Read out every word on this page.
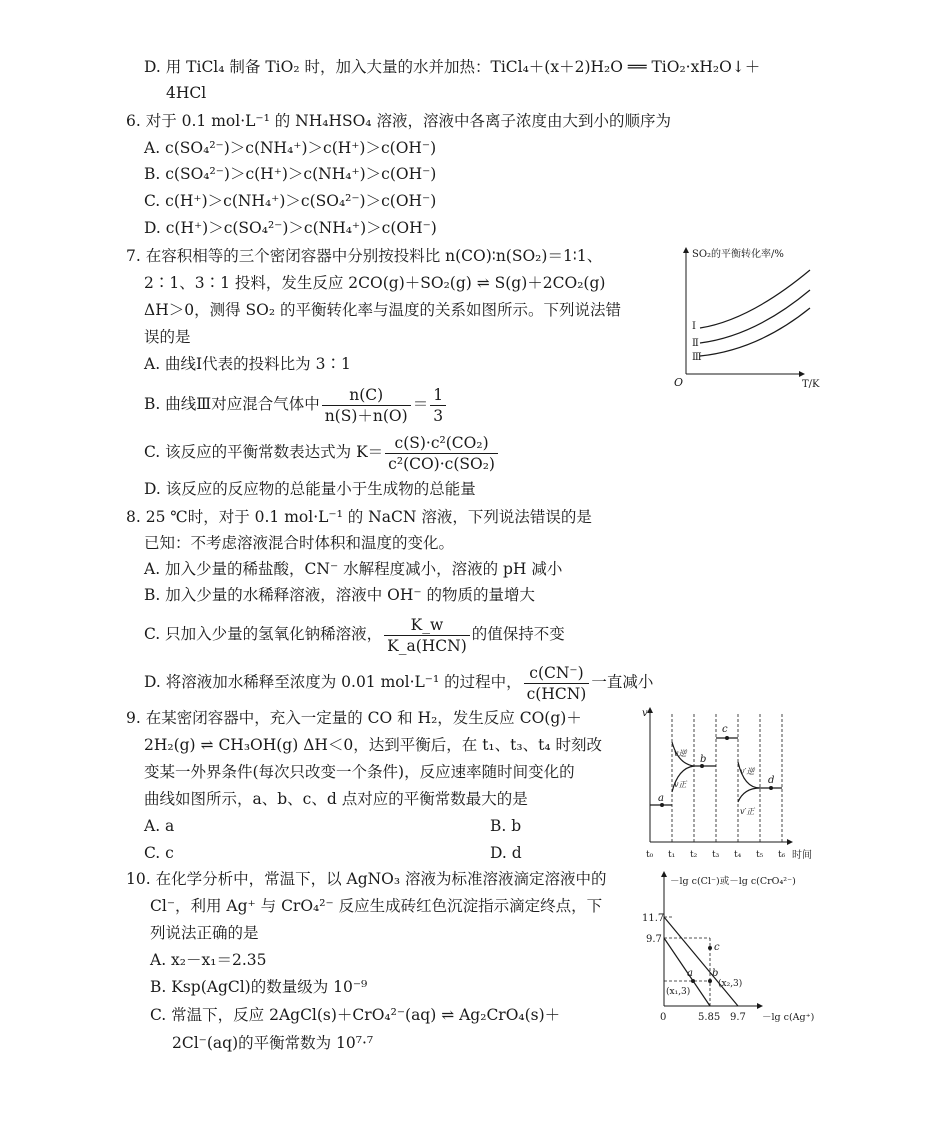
D. 用 TiCl₄ 制备 TiO₂ 时，加入大量的水并加热：TiCl₄＋(x＋2)H₂O ══ TiO₂·xH₂O↓＋
4HCl
6. 对于 0.1 mol·L⁻¹ 的 NH₄HSO₄ 溶液，溶液中各离子浓度由大到小的顺序为
A. c(SO₄²⁻)＞c(NH₄⁺)＞c(H⁺)＞c(OH⁻)
B. c(SO₄²⁻)＞c(H⁺)＞c(NH₄⁺)＞c(OH⁻)
C. c(H⁺)＞c(NH₄⁺)＞c(SO₄²⁻)＞c(OH⁻)
D. c(H⁺)＞c(SO₄²⁻)＞c(NH₄⁺)＞c(OH⁻)
7. 在容积相等的三个密闭容器中分别按投料比 n(CO)∶n(SO₂)＝1∶1、
2∶1、3∶1 投料，发生反应 2CO(g)＋SO₂(g) ⇌ S(g)＋2CO₂(g)
ΔH＞0，测得 SO₂ 的平衡转化率与温度的关系如图所示。下列说法错
误的是
A. 曲线Ⅰ代表的投料比为 3∶1
B. 曲线Ⅲ对应混合气体中 $\frac{n(C)}{n(S)+n(O)} = \frac{1}{3}$
C. 该反应的平衡常数表达式为 $K= \frac{\text{c(S)·c²(CO₂)}}{\text{c²(CO)·c(SO₂)}}$
D. 该反应的反应物的总能量小于生成物的总能量
SO₂的平衡转化率/%
T/K
O
Ⅰ
Ⅱ
Ⅲ
8. 25 ℃时，对于 0.1 mol·L⁻¹ 的 NaCN 溶液，下列说法错误的是
已知：不考虑溶液混合时体积和温度的变化。
A. 加入少量的稀盐酸，CN⁻ 水解程度减小，溶液的 pH 减小
B. 加入少量的水稀释溶液，溶液中 OH⁻ 的物质的量增大
C. 只加入少量的氢氧化钠稀溶液， $\frac{K\_w}{\text{K\_a(HCN)}}$ 的值保持不变
D. 将溶液加水稀释至浓度为 0.01 mol·L⁻¹ 的过程中， $\frac{c(CN^-)}{\text{c(HCN)}}$ 一直减小
9. 在某密闭容器中，充入一定量的 CO 和 H₂，发生反应 CO(g)＋
2H₂(g) ⇌ CH₃OH(g) ΔH＜0，达到平衡后，在 t₁、t₃、t₄ 时刻改
变某一外界条件(每次只改变一个条件)，反应速率随时间变化的
曲线如图所示，a、b、c、d 点对应的平衡常数最大的是
A. a	B. b
C. c	D. d
v
时间
a
b
c
d
v逆
v正
v′逆
v′正
t₀ t₁ t₂ t₃ t₄ t₅ t₆
10. 在化学分析中，常温下，以 AgNO₃ 溶液为标准溶液滴定溶液中的
Cl⁻，利用 Ag⁺ 与 CrO₄²⁻ 反应生成砖红色沉淀指示滴定终点，下
列说法正确的是
A. x₂－x₁＝2.35
B. Ksp(AgCl)的数量级为 10⁻⁹
C. 常温下，反应 2AgCl(s)＋CrO₄²⁻(aq) ⇌ Ag₂CrO₄(s)＋
2Cl⁻(aq)的平衡常数为 10⁷·⁷
－lg c(Cl⁻)或－lg c(CrO₄²⁻)
－lg c(Ag⁺)
11.7
9.7
0	5.85 9.7
a b
c
(x₁,3)
(x₂,3)
